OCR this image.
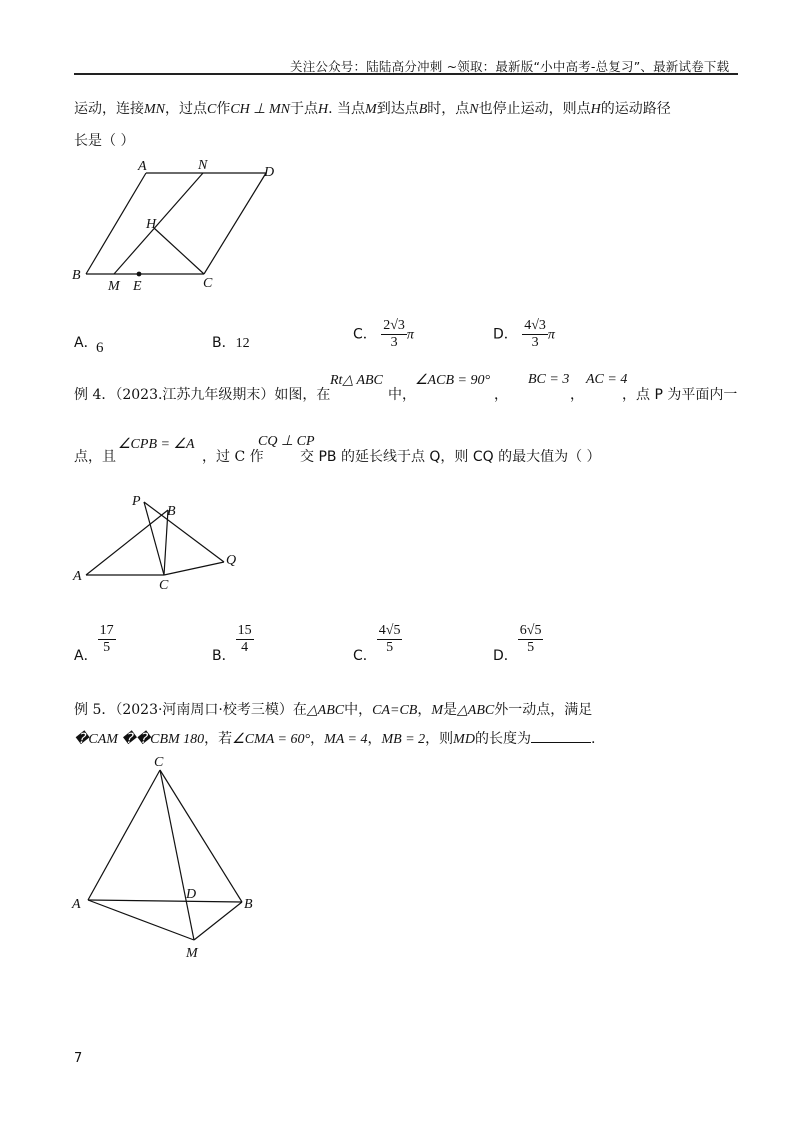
关注公众号：陆陆高分冲刺 ~领取：最新版“小中高考-总复习”、最新试卷下载
运动，连接MN，过点C作CH ⊥ MN于点H. 当点M到达点B时，点N也停止运动，则点H的运动路径
长是（ ）
A	N	D
H
B
M E	C
A．
6	B．12
C． $\frac{2√3}{3}$ π	D． $\frac{4√3}{3}$ π
例 4．（2023.江苏九年级期末）如图，在
Rt△ ABC
中，
∠ACB = 90°
，
BC = 3
，
AC = 4
，点 P 为平面内一
点，且
∠CPB = ∠A
，过 C 作
CQ ⊥ CP
交 PB 的延长线于点 Q，则 CQ 的最大值为（ ）
P
B
A
C
Q
A． $\frac{17}{5}$	B． $\frac{15}{4}$	C． $\frac{4√5}{5}$	D． $\frac{6√5}{5}$
例 5．（2023·河南周口·校考三模）在△ABC中，CA=CB，M是△ABC外一动点，满足
�CAM ��CBM 180，若∠CMA = 60°，MA = 4，MB = 2，则MD的长度为	.
C
A
D
B
M
7
